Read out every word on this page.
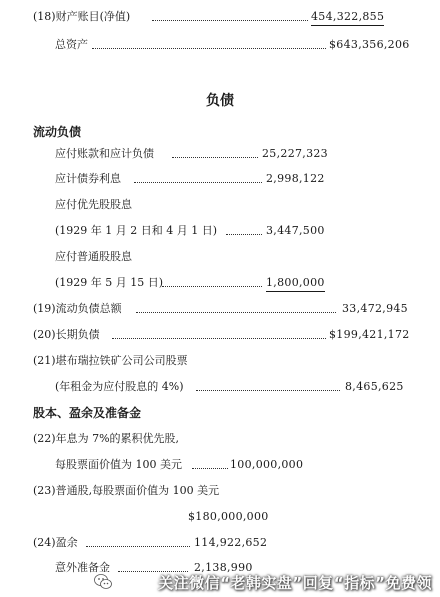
(18)财产账目(净值)	454,322,855
总资产	$643,356,206
负债
流动负债
应付账款和应计负债	25,227,323
应计债券利息	2,998,122
应付优先股股息
(1929 年 1 月 2 日和 4 月 1 日)	3,447,500
应付普通股股息
(1929 年 5 月 15 日)	1,800,000
(19)流动负债总额	33,472,945
(20)长期负债	$199,421,172
(21)堪布瑞拉铁矿公司公司股票
(年租金为应付股息的 4%)	8,465,625
股本、盈余及准备金
(22)年息为 7%的累积优先股,
每股票面价值为 100 美元	100,000,000
(23)普通股,每股票面价值为 100 美元
$180,000,000
(24)盈余	114,922,652
意外准备金	2,138,990
关注微信“老韩实盘”回复“指标”免费领
